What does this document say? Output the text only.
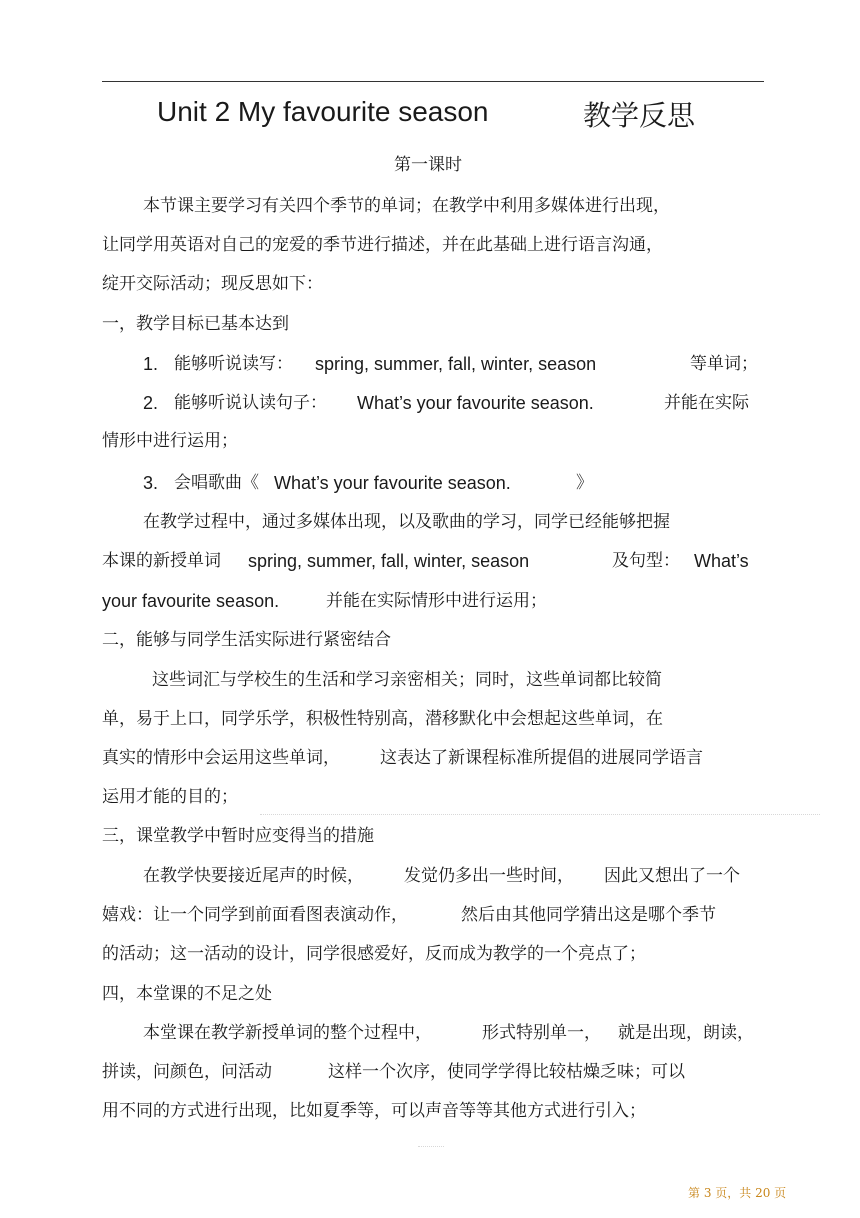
Unit 2 My favourite season	教学反思
第一课时
本节课主要学习有关四个季节的单词；在教学中利用多媒体进行出现，
让同学用英语对自己的宠爱的季节进行描述，并在此基础上进行语言沟通，
绽开交际活动；现反思如下：
一，教学目标已基本达到
1. 能够听说读写： spring, summer, fall, winter, season	等单词；
2. 能够听说认读句子： What’s your favourite season.	并能在实际
情形中进行运用；
3. 会唱歌曲《 What’s your favourite season.	》
在教学过程中，通过多媒体出现，以及歌曲的学习，同学已经能够把握
本课的新授单词 spring, summer, fall, winter, season	及句型： What’s
your favourite season.	并能在实际情形中进行运用；
二，能够与同学生活实际进行紧密结合
这些词汇与学校生的生活和学习亲密相关；同时，这些单词都比较简
单，易于上口，同学乐学，积极性特别高，潜移默化中会想起这些单词，在
真实的情形中会运用这些单词， 这表达了新课程标准所提倡的进展同学语言
运用才能的目的；
三，课堂教学中暂时应变得当的措施
在教学快要接近尾声的时候， 发觉仍多出一些时间， 因此又想出了一个
嬉戏：让一个同学到前面看图表演动作，	然后由其他同学猜出这是哪个季节
的活动；这一活动的设计，同学很感爱好，反而成为教学的一个亮点了；
四，本堂课的不足之处
本堂课在教学新授单词的整个过程中，	形式特别单一， 就是出现，朗读，
拼读，问颜色，问活动	这样一个次序，使同学学得比较枯燥乏味；可以
用不同的方式进行出现，比如夏季等，可以声音等等其他方式进行引入；
第 3 页，共 20 页
